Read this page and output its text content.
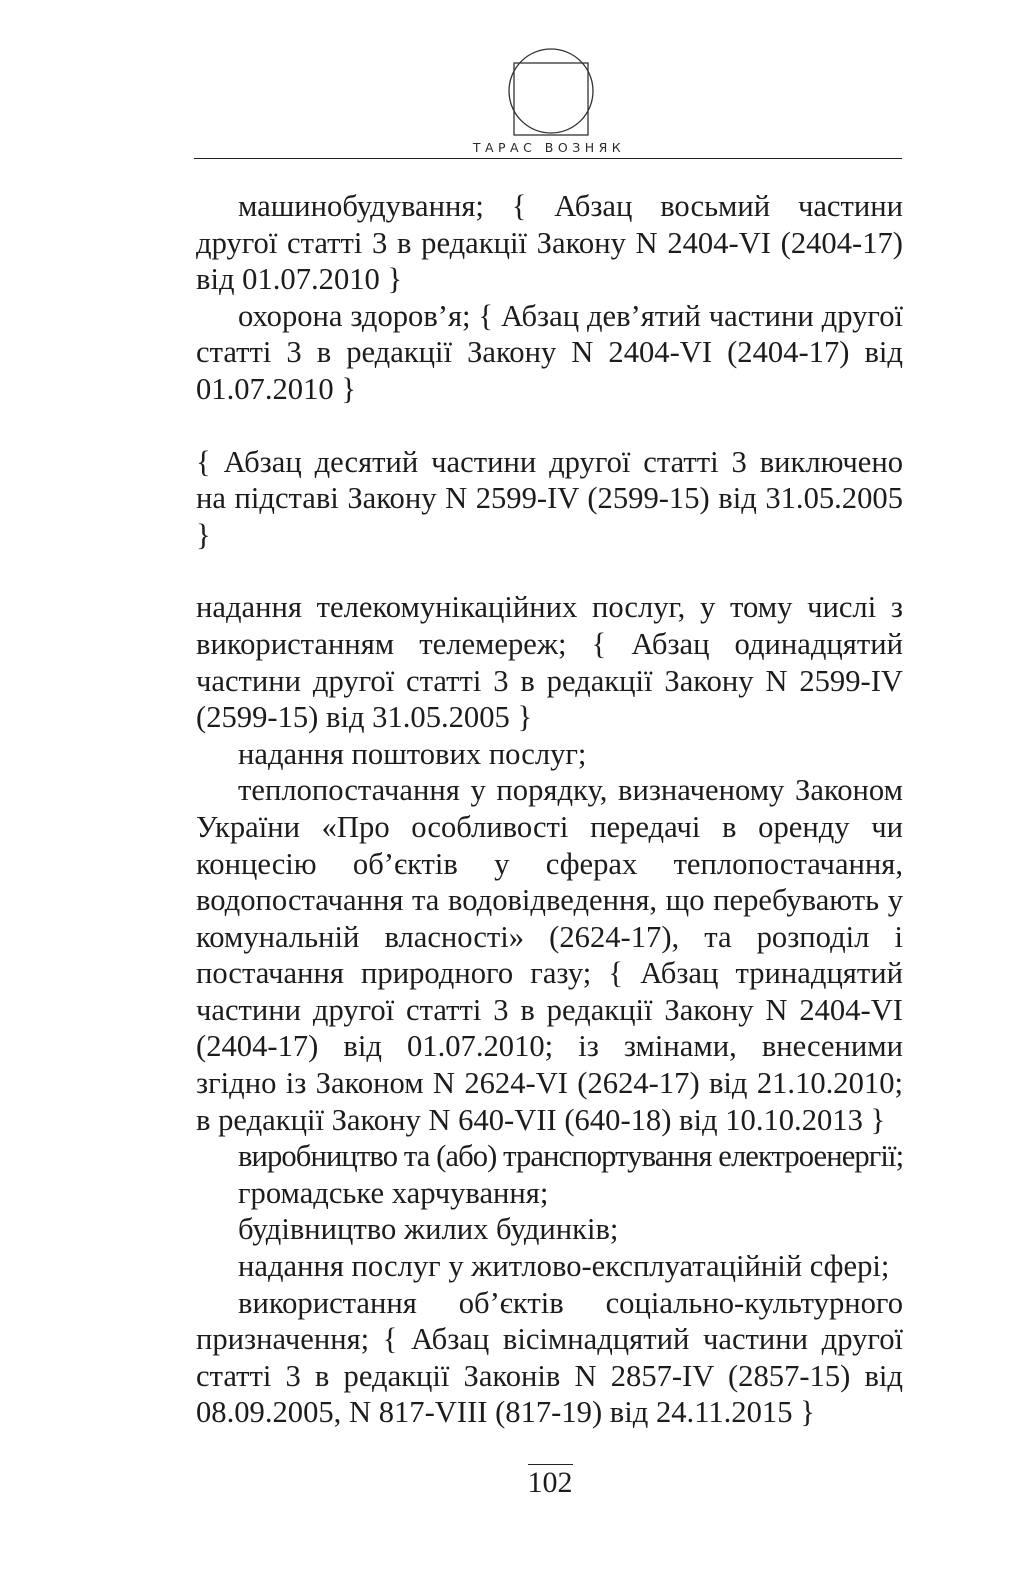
ТАРАС ВОЗНЯК

машинобудування; { Абзац восьмий частини другої статті 3 в редакції Закону N 2404-VI (2404-17) від 01.07.2010 }

охорона здоров’я; { Абзац дев’ятий частини другої статті 3 в редакції Закону N 2404-VI (2404-17) від 01.07.2010 }

{ Абзац десятий частини другої статті 3 виключено на підставі Закону N 2599-IV (2599-15) від 31.05.2005 }

надання телекомунікаційних послуг, у тому числі з використанням телемереж; { Абзац одинадцятий частини другої статті 3 в редакції Закону N 2599-IV (2599-15) від 31.05.2005 }

надання поштових послуг;

теплопостачання у порядку, визначеному Законом України «Про особливості передачі в оренду чи концесію об’єктів у сферах теплопостачання, водопостачання та водовідведення, що перебувають у комунальній власності» (2624-17), та розподіл і постачання природного газу; { Абзац тринадцятий частини другої статті 3 в редакції Закону N 2404-VI (2404-17) від 01.07.2010; із змінами, внесеними згідно із Законом N 2624-VI (2624-17) від 21.10.2010; в редакції Закону N 640-VII (640-18) від 10.10.2013 }

виробництво та (або) транспортування електроенергії;

громадське харчування;

будівництво жилих будинків;

надання послуг у житлово-експлуатаційній сфері;

використання об’єктів соціально-культурного призначення; { Абзац вісімнадцятий частини другої статті 3 в редакції Законів N 2857-IV (2857-15) від 08.09.2005, N 817-VIII (817-19) від 24.11.2015 }

102
